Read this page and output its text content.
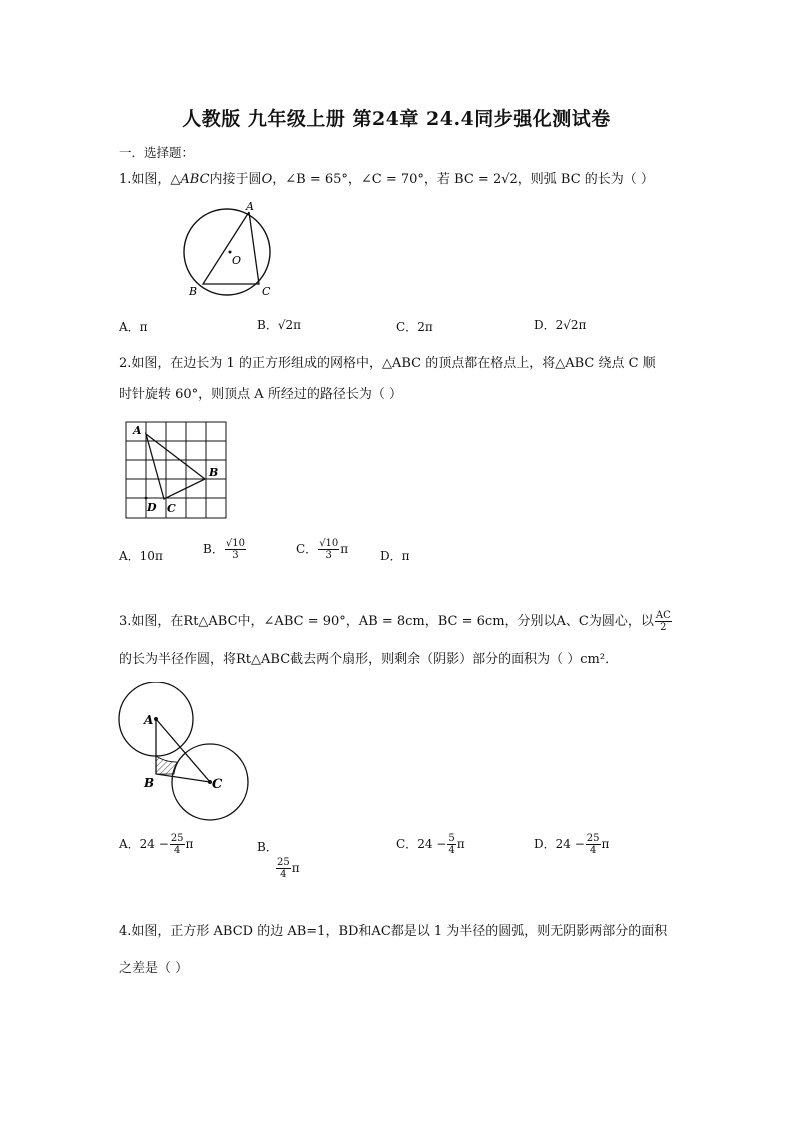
人教版 九年级上册 第24章 24.4同步强化测试卷
一．选择题：
1.如图，△ABC内接于圆O，∠B = 65°，∠C = 70°，若 BC = 2√2，则弧 BC 的长为（ ）
A
B	C
O
A．π	B．√2π	C．2π	D．2√2π
2.如图，在边长为 1 的正方形组成的网格中，△ABC 的顶点都在格点上，将△ABC 绕点 C 顺
时针旋转 60°，则顶点 A 所经过的路径长为（ ）
A
B
C
D
A．10π	B． $\frac{√10}{3}$	C． $\frac{√10}{3}$ π	D．π
3.如图，在Rt△ABC中，∠ABC = 90°，AB = 8cm，BC = 6cm，分别以A、C为圆心，以 $\frac{AC}{2}$
的长为半径作圆，将Rt△ABC截去两个扇形，则剩余（阴影）部分的面积为（ ）cm²．
A
B	C
A．$24 - \frac{25}{4}$ π	B．
$\frac{25}{4}$ π
C．$24 - \frac{5}{4}$ π	D．$24 - \frac{25}{4}$ π
4.如图，正方形 ABCD 的边 AB=1，BD和AC都是以 1 为半径的圆弧，则无阴影两部分的面积
之差是（ ）
